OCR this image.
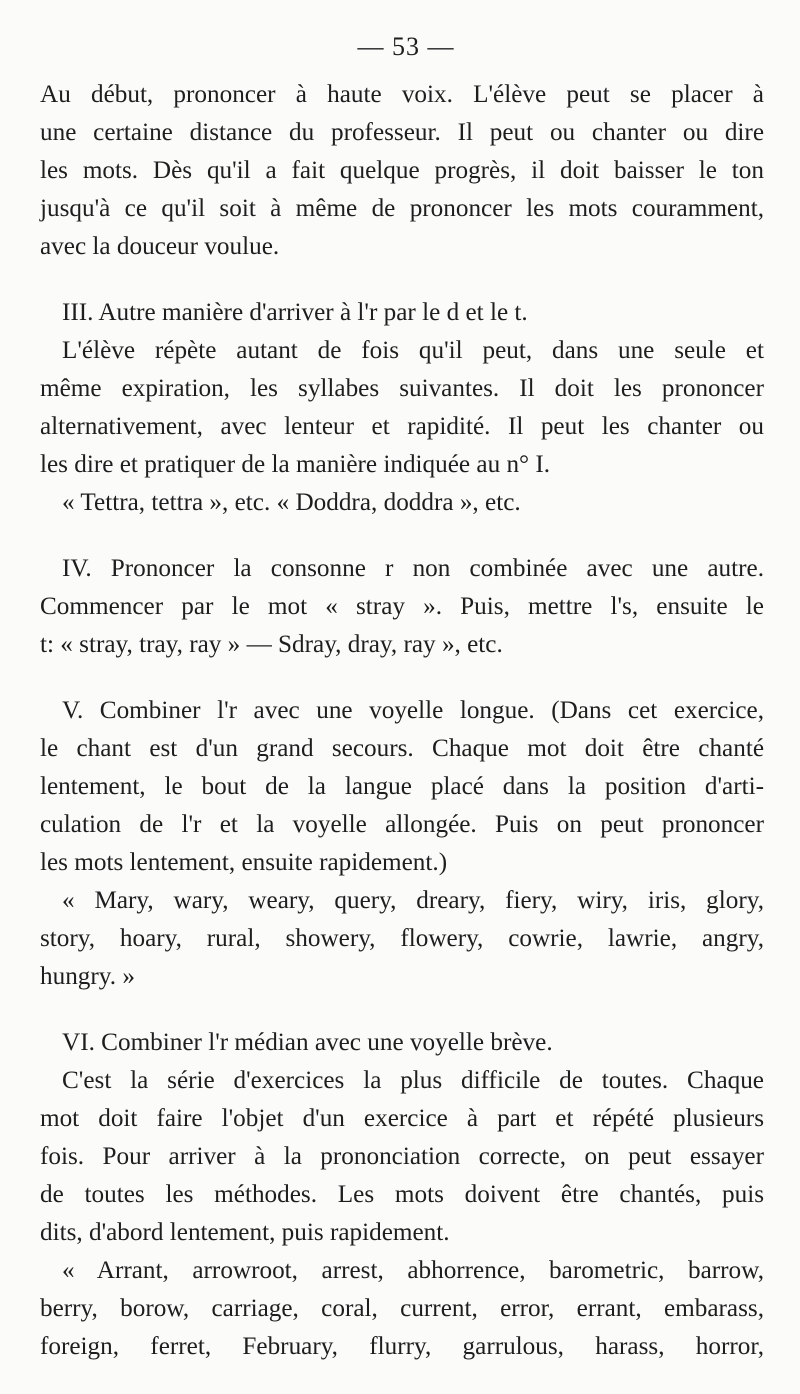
— 53 —
Au début, prononcer à haute voix. L'élève peut se placer à
une certaine distance du professeur. Il peut ou chanter ou dire
les mots. Dès qu'il a fait quelque progrès, il doit baisser le ton
jusqu'à ce qu'il soit à même de prononcer les mots couramment,
avec la douceur voulue.
III. Autre manière d'arriver à l'r par le d et le t.
L'élève répète autant de fois qu'il peut, dans une seule et
même expiration, les syllabes suivantes. Il doit les prononcer
alternativement, avec lenteur et rapidité. Il peut les chanter ou
les dire et pratiquer de la manière indiquée au n° I.
« Tettra, tettra », etc. « Doddra, doddra », etc.
IV. Prononcer la consonne r non combinée avec une autre.
Commencer par le mot « stray ». Puis, mettre l's, ensuite le
t: « stray, tray, ray » — Sdray, dray, ray », etc.
V. Combiner l'r avec une voyelle longue. (Dans cet exercice,
le chant est d'un grand secours. Chaque mot doit être chanté
lentement, le bout de la langue placé dans la position d'arti-
culation de l'r et la voyelle allongée. Puis on peut prononcer
les mots lentement, ensuite rapidement.)
« Mary, wary, weary, query, dreary, fiery, wiry, iris, glory,
story, hoary, rural, showery, flowery, cowrie, lawrie, angry,
hungry. »
VI. Combiner l'r médian avec une voyelle brève.
C'est la série d'exercices la plus difficile de toutes. Chaque
mot doit faire l'objet d'un exercice à part et répété plusieurs
fois. Pour arriver à la prononciation correcte, on peut essayer
de toutes les méthodes. Les mots doivent être chantés, puis
dits, d'abord lentement, puis rapidement.
« Arrant, arrowroot, arrest, abhorrence, barometric, barrow,
berry, borow, carriage, coral, current, error, errant, embarass,
foreign, ferret, February, flurry, garrulous, harass, horror,
